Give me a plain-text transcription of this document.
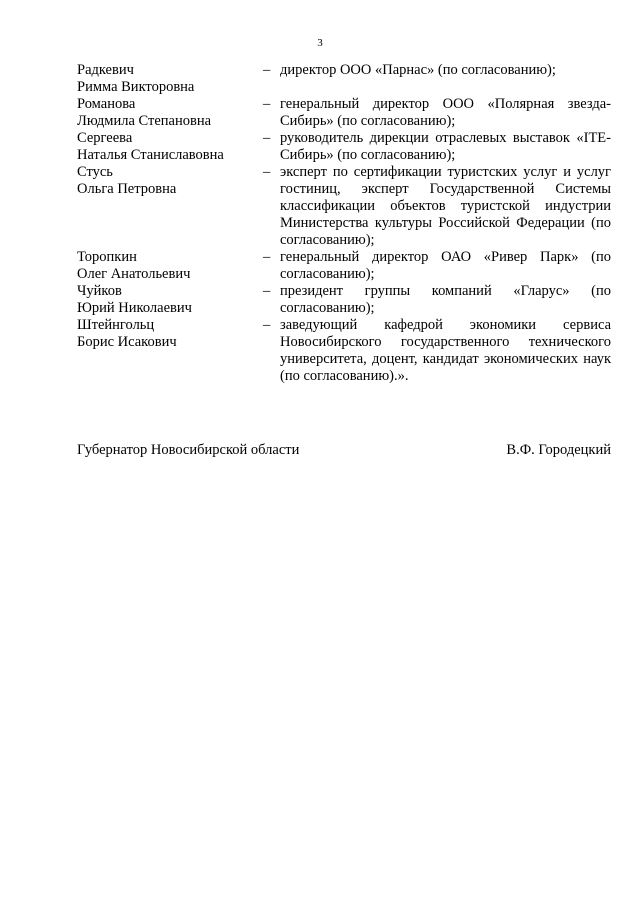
3
Радкевич
Римма Викторовна
– директор ООО «Парнас» (по согласованию);
Романова
Людмила Степановна
– генеральный директор ООО «Полярная звезда-Сибирь» (по согласованию);
Сергеева
Наталья Станиславовна
– руководитель дирекции отраслевых выставок «ITE-Сибирь» (по согласованию);
Стусь
Ольга Петровна
– эксперт по сертификации туристских услуг и услуг гостиниц, эксперт Государственной Системы классификации объектов туристской индустрии Министерства культуры Российской Федерации (по согласованию);
Торопкин
Олег Анатольевич
– генеральный директор ОАО «Ривер Парк» (по согласованию);
Чуйков
Юрий Николаевич
– президент группы компаний «Гларус» (по согласованию);
Штейнгольц
Борис Исакович
– заведующий кафедрой экономики сервиса Новосибирского государственного технического университета, доцент, кандидат экономических наук (по согласованию).».
Губернатор Новосибирской области	В.Ф. Городецкий
